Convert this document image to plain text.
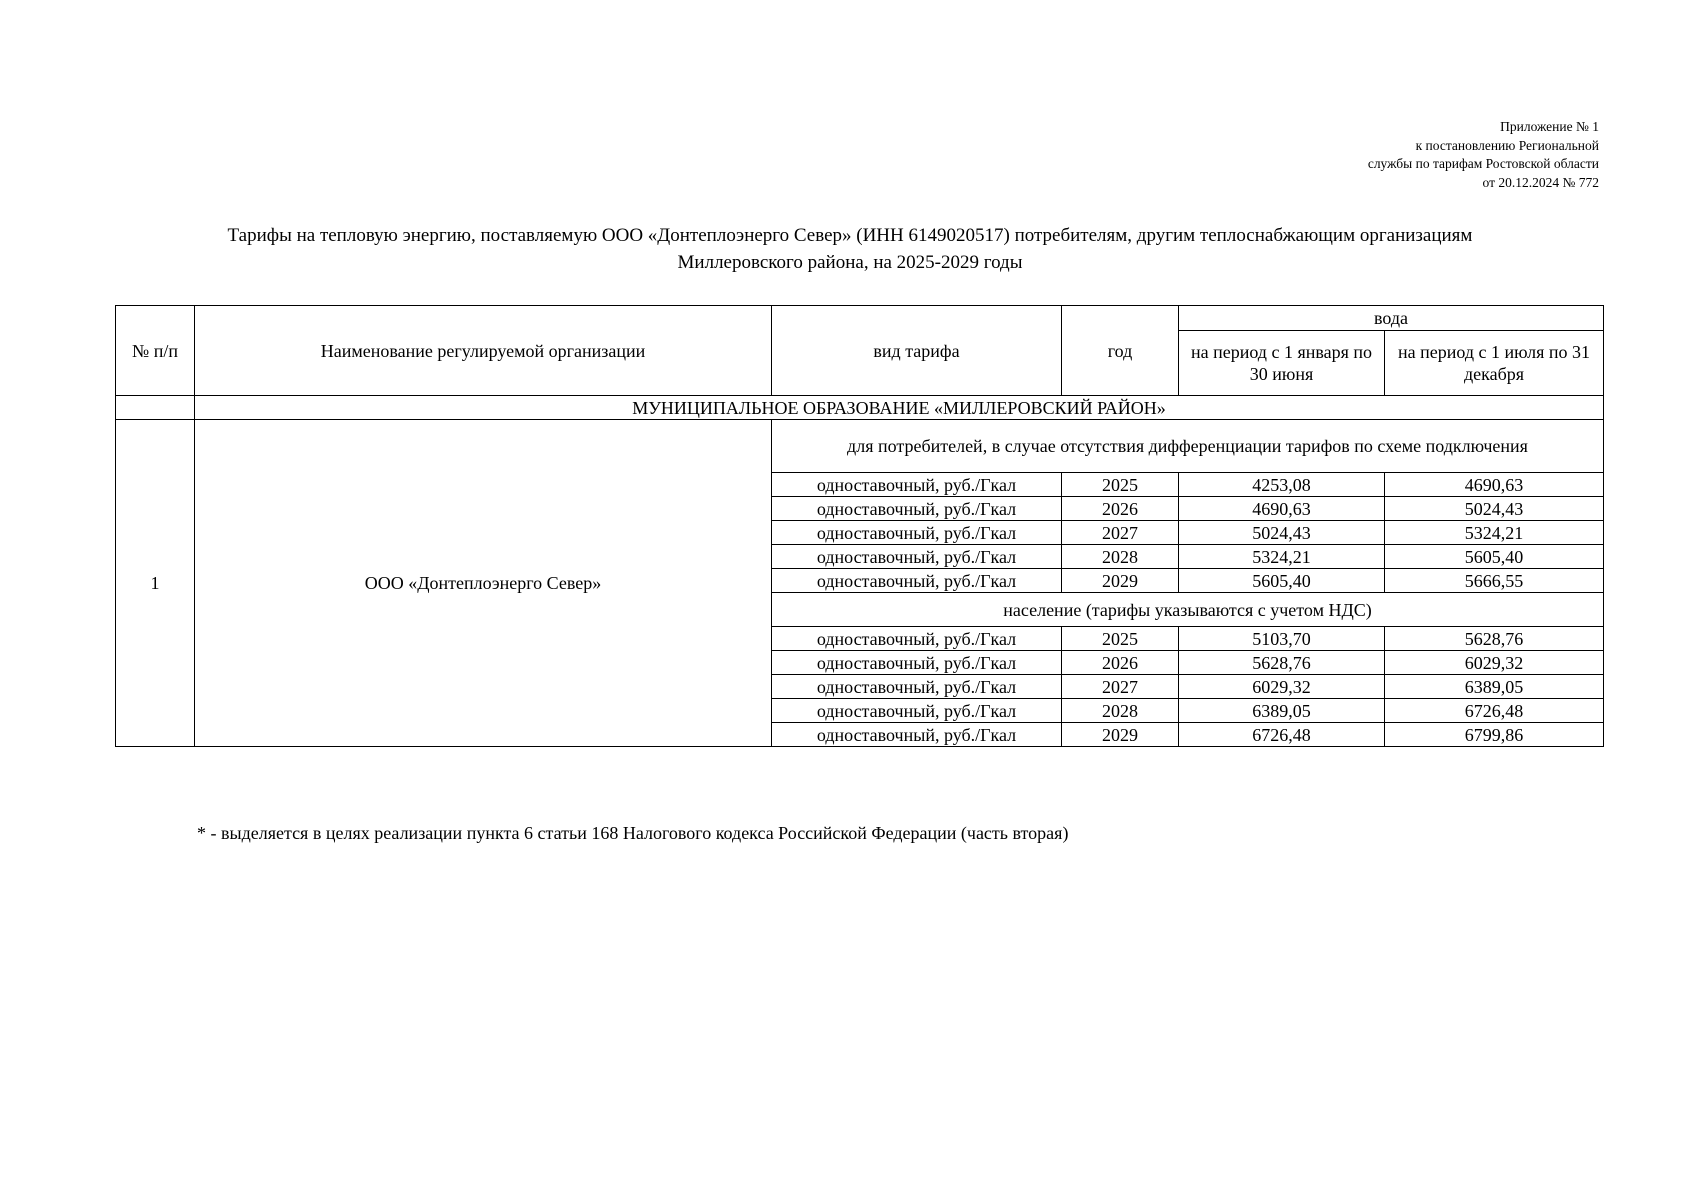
Приложение № 1
к постановлению Региональной
службы по тарифам Ростовской области
от 20.12.2024 № 772
Тарифы на тепловую энергию, поставляемую ООО «Донтеплоэнерго Север» (ИНН 6149020517) потребителям, другим теплоснабжающим организациям
Миллеровского района, на 2025-2029 годы
№ п/п	Наименование регулируемой организации	вид тарифа	год	вода	
				на период с 1 января по 30 июня	на период с 1 июля по 31 декабря
	МУНИЦИПАЛЬНОЕ ОБРАЗОВАНИЕ «МИЛЛЕРОВСКИЙ РАЙОН»				
1	ООО «Донтеплоэнерго Север»	для потребителей, в случае отсутствия дифференциации тарифов по схеме подключения			
		одноставочный, руб./Гкал	2025	4253,08	4690,63
		одноставочный, руб./Гкал	2026	4690,63	5024,43
		одноставочный, руб./Гкал	2027	5024,43	5324,21
		одноставочный, руб./Гкал	2028	5324,21	5605,40
		одноставочный, руб./Гкал	2029	5605,40	5666,55
		население (тарифы указываются с учетом НДС)			
		одноставочный, руб./Гкал	2025	5103,70	5628,76
		одноставочный, руб./Гкал	2026	5628,76	6029,32
		одноставочный, руб./Гкал	2027	6029,32	6389,05
		одноставочный, руб./Гкал	2028	6389,05	6726,48
		одноставочный, руб./Гкал	2029	6726,48	6799,86
* - выделяется в целях реализации пункта 6 статьи 168 Налогового кодекса Российской Федерации (часть вторая)
